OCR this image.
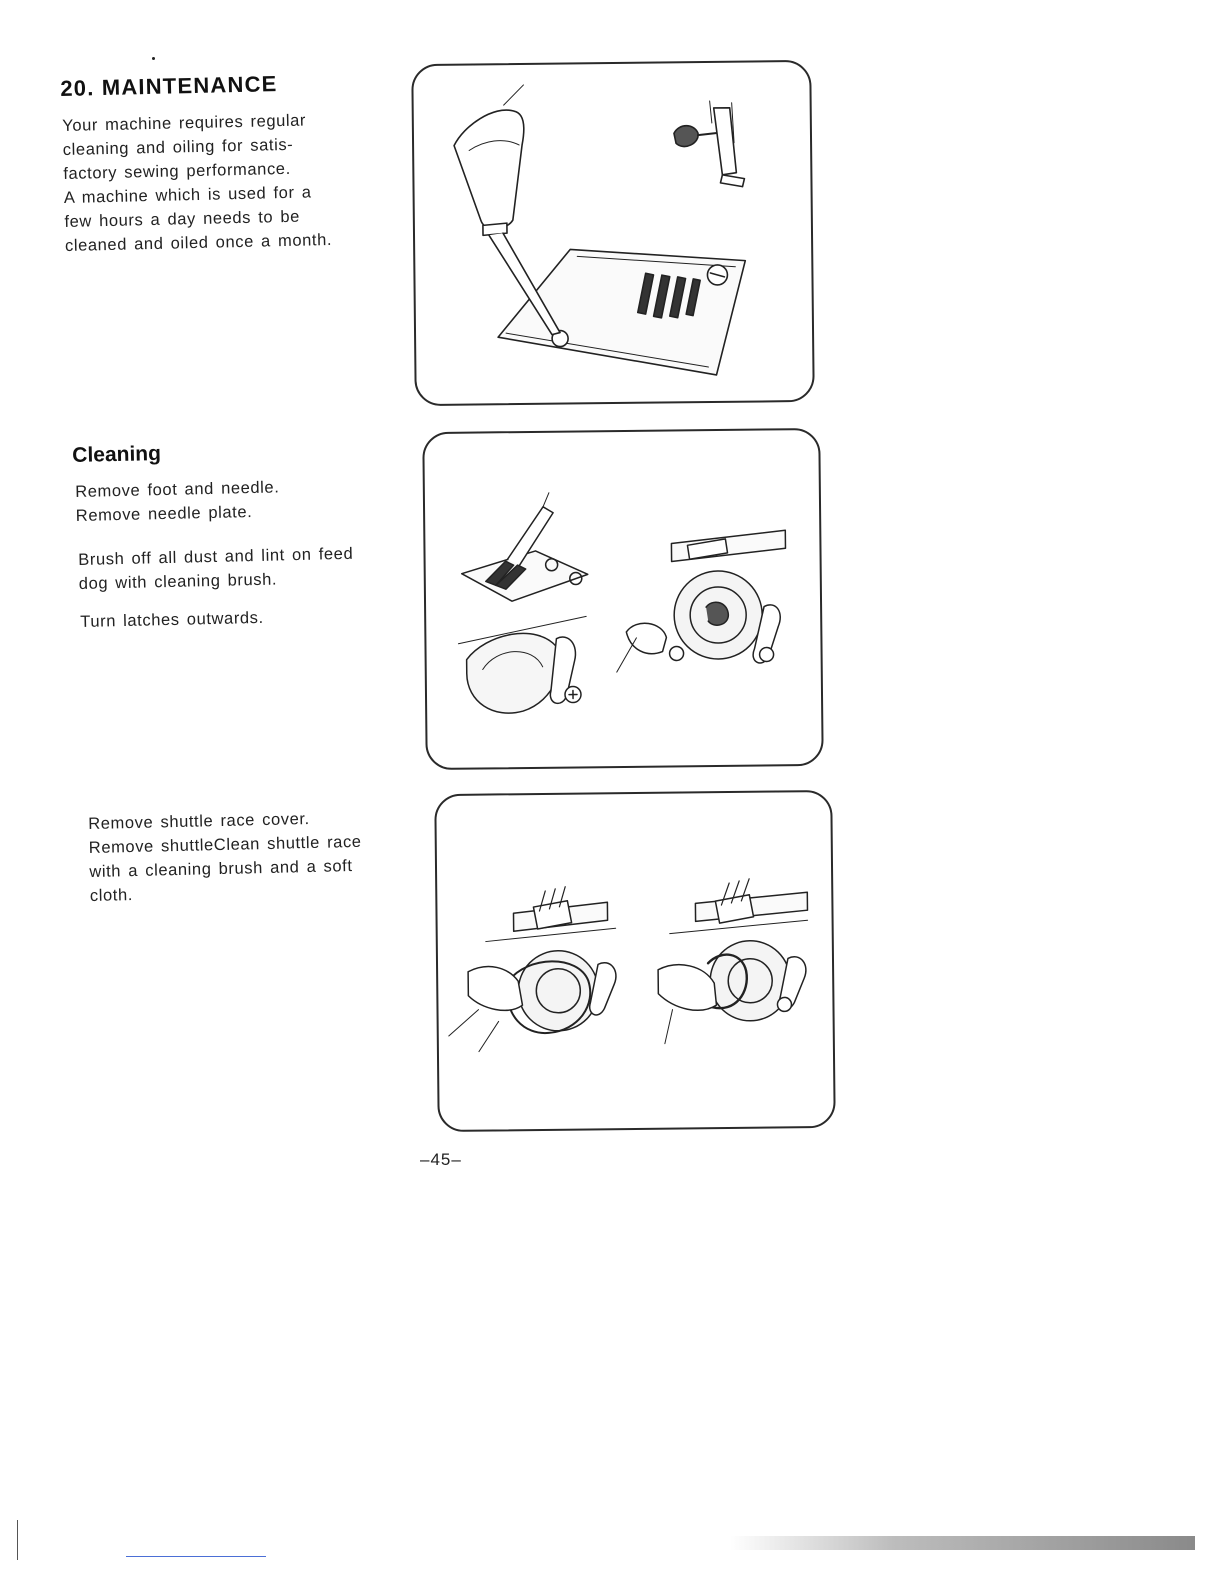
20. MAINTENANCE

Your machine requires regular
cleaning and oiling for satis-
factory sewing performance.
A machine which is used for a
few hours a day needs to be
cleaned and oiled once a month.

Cleaning

Remove foot and needle.
Remove needle plate.

Brush off all dust and lint on feed
dog with cleaning brush.

Turn latches outwards.

Remove shuttle race cover.
Remove shuttleClean shuttle race
with a cleaning brush and a soft
cloth.

–45–
